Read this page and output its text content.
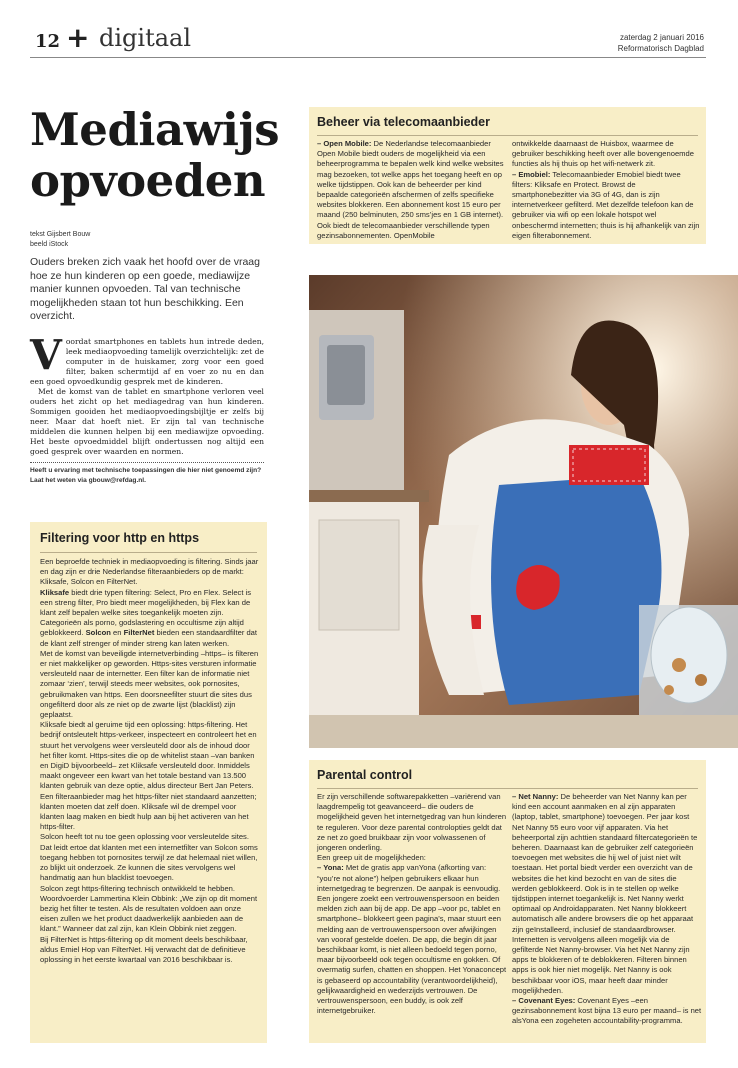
12 + digitaal	zaterdag 2 januari 2016
Reformatorisch Dagblad
Mediawijs opvoeden
tekst Gijsbert Bouw
beeld iStock
Ouders breken zich vaak het hoofd over de vraag hoe ze hun kinderen op een goede, mediawijze manier kunnen opvoeden. Tal van technische mogelijkheden staan tot hun beschikking. Een overzicht.
V oordat smartphones en tablets hun intrede deden, leek mediaopvoeding tamelijk overzichtelijk: zet de computer in de huiskamer, zorg voor een goed filter, baken schermtijd af en voer zo nu en dan een goed opvoedkundig gesprek met de kinderen.

Met de komst van de tablet en smartphone verloren veel ouders het zicht op het mediagedrag van hun kinderen. Sommigen gooiden het mediaopvoedingsbijltje er zelfs bij neer. Maar dat hoeft niet. Er zijn tal van technische middelen die kunnen helpen bij een mediawijze opvoeding. Het beste opvoedmiddel blijft ondertussen nog altijd een goed gesprek over waarden en normen.

Heeft u ervaring met technische toepassingen die hier niet genoemd zijn? Laat het weten via gbouw@refdag.nl.
Filtering voor http en https

Een beproefde techniek in mediaopvoeding is filtering. Sinds jaar en dag zijn er drie Nederlandse filteraanbieders op de markt: Kliksafe, Solcon en FilterNet.

Kliksafe biedt drie typen filtering: Select, Pro en Flex. Select is een streng filter, Pro biedt meer mogelijkheden, bij Flex kan de klant zelf bepalen welke sites toegankelijk moeten zijn. Categorieën als porno, godslastering en occultisme zijn altijd geblokkeerd. Solcon en FilterNet bieden een standaardfilter dat de klant zelf strenger of minder streng kan laten werken.

Met de komst van beveiligde internetverbinding –https– is filteren er niet makkelijker op geworden. Https-sites versturen informatie versleuteld naar de internetter. Een filter kan de informatie niet zomaar ‘zien’, terwijl steeds meer websites, ook pornosites, gebruikmaken van https. Een doorsneefilter stuurt die sites dus ongefilterd door als ze niet op de zwarte lijst (blacklist) zijn geplaatst.

Kliksafe biedt al geruime tijd een oplossing: https-filtering. Het bedrijf ontsleutelt https-verkeer, inspecteert en controleert het en stuurt het vervolgens weer versleuteld door als de inhoud door het filter komt. Https-sites die op de whitelist staan –van banken en DigiD bijvoorbeeld– zet Kliksafe versleuteld door. Inmiddels maakt ongeveer een kwart van het totale bestand van 13.500 klanten gebruik van deze optie, aldus directeur Bert Jan Peters.

Een filteraanbieder mag het https-filter niet standaard aanzetten; klanten moeten dat zelf doen. Kliksafe wil de drempel voor klanten laag maken en biedt hulp aan bij het activeren van het https-filter.

Solcon heeft tot nu toe geen oplossing voor versleutelde sites. Dat leidt ertoe dat klanten met een internetfilter van Solcon soms toegang hebben tot pornosites terwijl ze dat helemaal niet willen, zo blijkt uit onderzoek. Ze kunnen die sites vervolgens wel handmatig aan hun blacklist toevoegen.

Solcon zegt https-filtering technisch ontwikkeld te hebben. Woordvoerder Lammertina Klein Obbink: „We zijn op dit moment bezig het filter te testen. Als de resultaten voldoen aan onze eisen zullen we het product daadwerkelijk aanbieden aan de klant.” Wanneer dat zal zijn, kan Klein Obbink niet zeggen.

Bij FilterNet is https-filtering op dit moment deels beschikbaar, aldus Emiel Hop van FilterNet. Hij verwacht dat de definitieve oplossing in het eerste kwartaal van 2016 beschikbaar is.

Beheer via telecomaanbieder

– Open Mobile: De Nederlandse telecomaanbieder Open Mobile biedt ouders de mogelijkheid via een beheerprogramma te bepalen welk kind welke websites mag bezoeken, tot welke apps het toegang heeft en op welke tijdstippen. Ook kan de beheerder per kind bepaalde categorieën afschermen of zelfs specifieke websites blokkeren. Een abonnement kost 15 euro per maand (250 belminuten, 250 sms’jes en 1 GB internet). Ook biedt de telecomaanbieder verschillende typen gezinsabonnementen. OpenMobile

ontwikkelde daarnaast de Huisbox, waarmee de gebruiker beschikking heeft over alle bovengenoemde functies als hij thuis op het wifi-netwerk zit.

– Emobiel: Telecomaanbieder Emobiel biedt twee filters: Kliksafe en Protect. Browst de smartphonebezitter via 3G of 4G, dan is zijn internetverkeer gefilterd. Met dezelfde telefoon kan de gebruiker via wifi op een lokale hotspot wel onbeschermd internetten; thuis is hij afhankelijk van zijn eigen filterabonnement.

Parental control

Er zijn verschillende softwarepakketten –variërend van laagdrempelig tot geavanceerd– die ouders de mogelijkheid geven het internetgedrag van hun kinderen te reguleren. Voor deze parental controlopties geldt dat ze net zo goed bruikbaar zijn voor volwassenen of jongeren onderling.

Een greep uit de mogelijkheden:

– Yona: Met de gratis app vanYona (afkorting van: “you’re not alone”) helpen gebruikers elkaar hun internetgedrag te begrenzen. De aanpak is eenvoudig. Een jongere zoekt een vertrouwenspersoon en beiden melden zich aan bij de app. De app –voor pc, tablet en smartphone– blokkeert geen pagina’s, maar stuurt een melding aan de vertrouwenspersoon over afwijkingen van vooraf gestelde doelen. De app, die begin dit jaar beschikbaar komt, is niet alleen bedoeld tegen porno, maar bijvoorbeeld ook tegen occultisme en gokken. Of overmatig surfen, chatten en shoppen. Het Yonaconcept is gebaseerd op accountability (verantwoordelijkheid), gelijkwaardigheid en wederzijds vertrouwen. De vertrouwenspersoon, een buddy, is ook zelf internetgebruiker.

– Net Nanny: De beheerder van Net Nanny kan per kind een account aanmaken en al zijn apparaten (laptop, tablet, smartphone) toevoegen. Per jaar kost Net Nanny 55 euro voor vijf apparaten. Via het beheerportal zijn achttien standaard filtercategorieën te beheren. Daarnaast kan de gebruiker zelf categorieën toevoegen met websites die hij wel of juist niet wilt toestaan. Het portal biedt verder een overzicht van de websites die het kind bezocht en van de sites die werden geblokkeerd. Ook is in te stellen op welke tijdstippen internet toegankelijk is. Net Nanny werkt optimaal op Androidapparaten. Net Nanny blokkeert automatisch alle andere browsers die op het apparaat zijn geïnstalleerd, inclusief de standaardbrowser. Internetten is vervolgens alleen mogelijk via de gefilterde Net Nanny-browser. Via het Net Nanny zijn apps te blokkeren of te deblokkeren. Filteren binnen apps is ook hier niet mogelijk. Net Nanny is ook beschikbaar voor iOS, maar heeft daar minder mogelijkheden.

– Covenant Eyes: Covenant Eyes –een gezinsabonnement kost bijna 13 euro per maand– is net alsYona een zogeheten accountability-programma.
